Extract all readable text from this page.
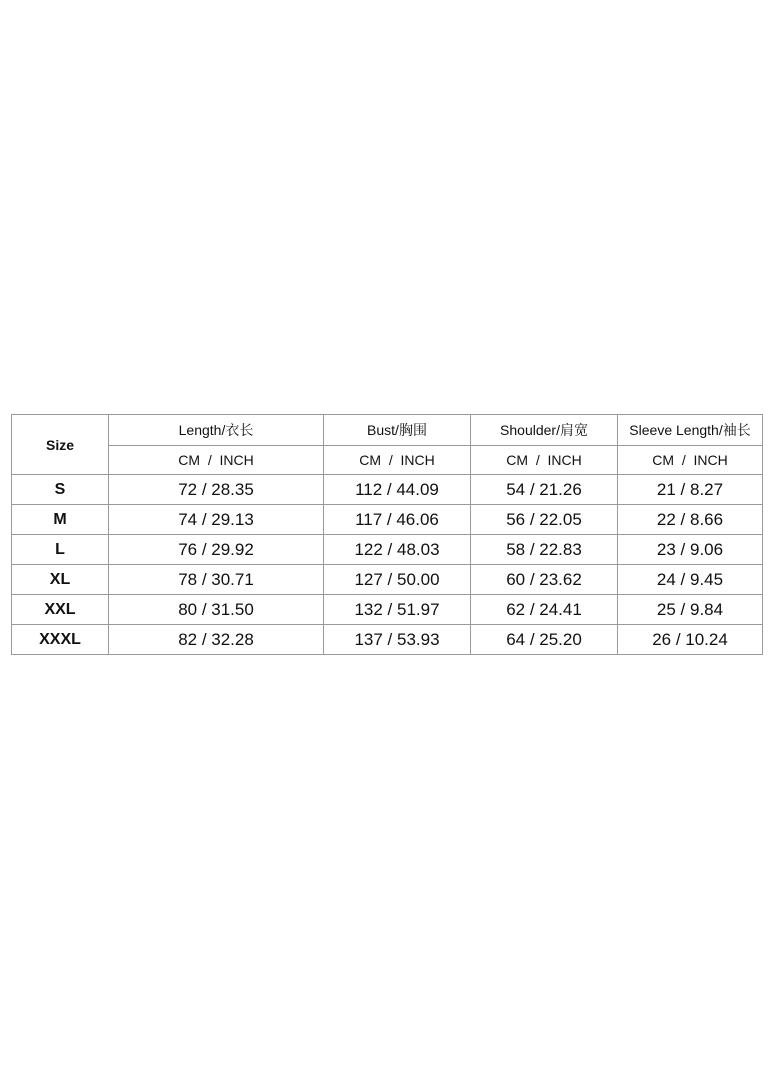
Size	Length/衣长	Bust/胸围	Shoulder/肩宽	Sleeve Length/袖长
	CM  /  INCH	CM  /  INCH	CM  /  INCH	CM  /  INCH
S	72 / 28.35	112 / 44.09	54 / 21.26	21 / 8.27
M	74 / 29.13	117 / 46.06	56 / 22.05	22 / 8.66
L	76 / 29.92	122 / 48.03	58 / 22.83	23 / 9.06
XL	78 / 30.71	127 / 50.00	60 / 23.62	24 / 9.45
XXL	80 / 31.50	132 / 51.97	62 / 24.41	25 / 9.84
XXXL	82 / 32.28	137 / 53.93	64 / 25.20	26 / 10.24
